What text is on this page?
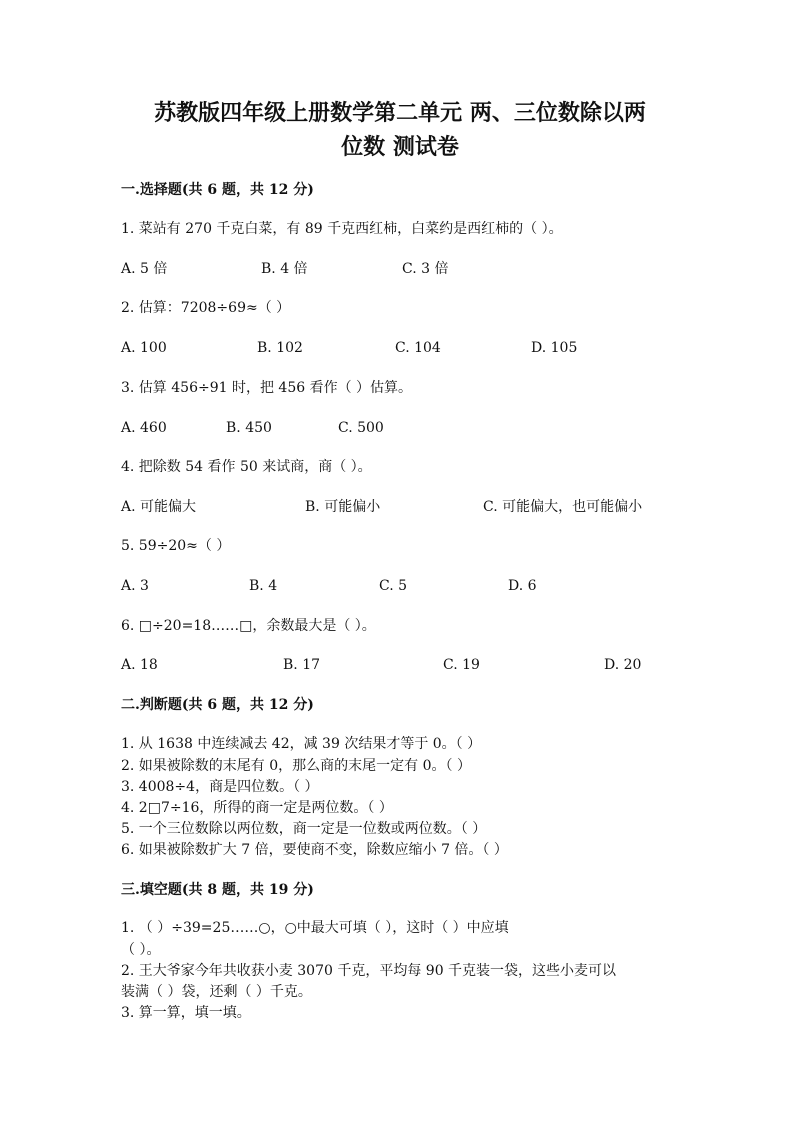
苏教版四年级上册数学第二单元 两、三位数除以两
位数 测试卷
一.选择题(共 6 题，共 12 分)
1. 菜站有 270 千克白菜，有 89 千克西红柿，白菜约是西红柿的（ ）。
A. 5 倍	B. 4 倍	C. 3 倍
2. 估算：7208÷69≈（ ）
A. 100	B. 102	C. 104	D. 105
3. 估算 456÷91 时，把 456 看作（ ）估算。
A. 460	B. 450	C. 500
4. 把除数 54 看作 50 来试商，商（ ）。
A. 可能偏大	B. 可能偏小	C. 可能偏大，也可能偏小
5. 59÷20≈（ ）
A. 3	B. 4	C. 5	D. 6
6. □÷20=18……□，余数最大是（ ）。
A. 18	B. 17	C. 19	D. 20
二.判断题(共 6 题，共 12 分)
1. 从 1638 中连续减去 42，减 39 次结果才等于 0。（ ）
2. 如果被除数的末尾有 0，那么商的末尾一定有 0。（ ）
3. 4008÷4，商是四位数。（ ）
4. 2□7÷16，所得的商一定是两位数。（ ）
5. 一个三位数除以两位数，商一定是一位数或两位数。（ ）
6. 如果被除数扩大 7 倍，要使商不变，除数应缩小 7 倍。（ ）
三.填空题(共 8 题，共 19 分)
1. （ ）÷39=25……○，○中最大可填（ ），这时（ ）中应填
（ ）。
2. 王大爷家今年共收获小麦 3070 千克，平均每 90 千克装一袋，这些小麦可以
装满（ ）袋，还剩（ ）千克。
3. 算一算，填一填。
